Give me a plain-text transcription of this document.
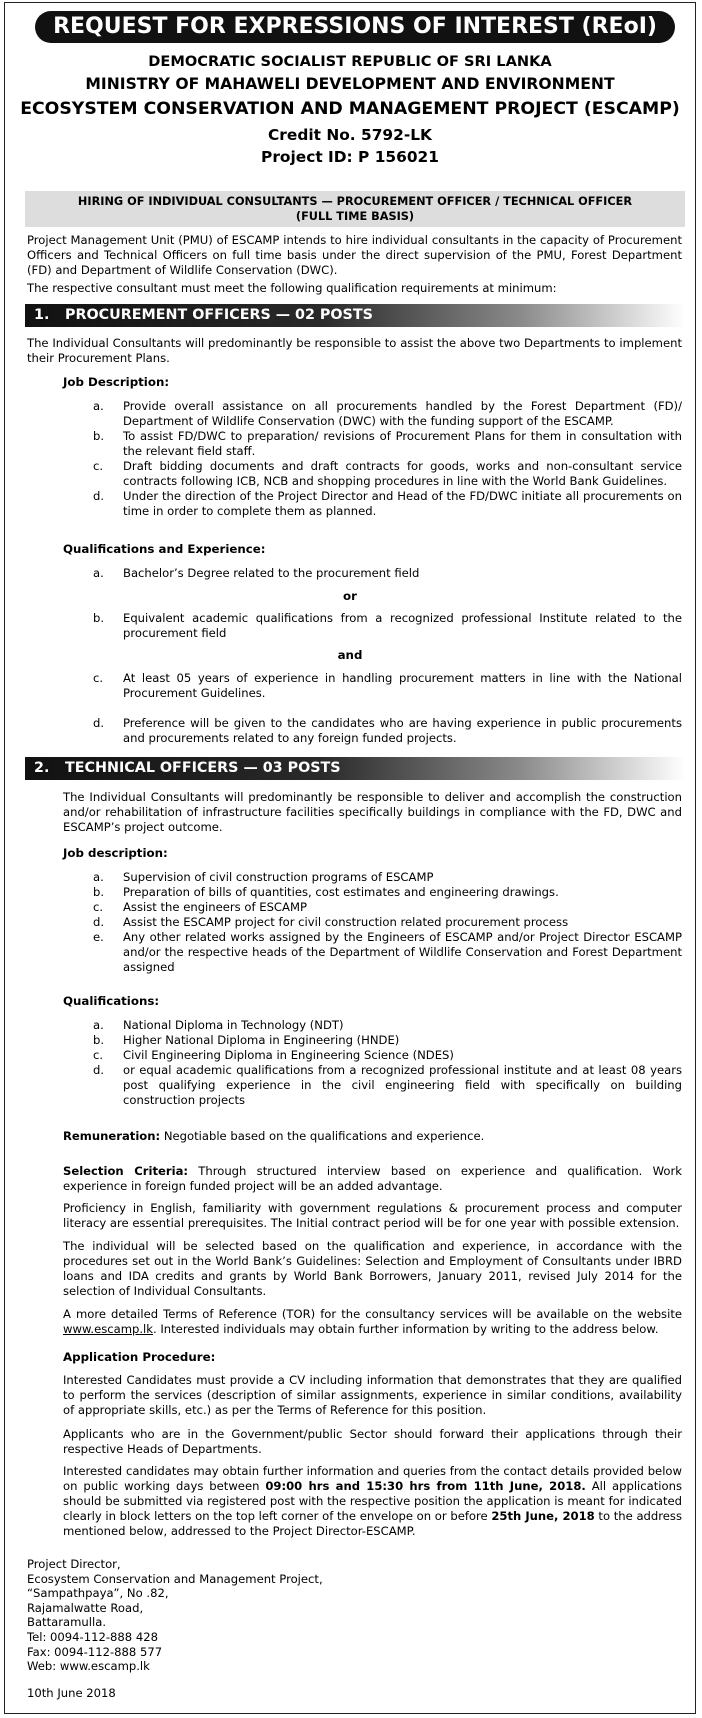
REQUEST FOR EXPRESSIONS OF INTEREST (REoI)
DEMOCRATIC SOCIALIST REPUBLIC OF SRI LANKA
MINISTRY OF MAHAWELI DEVELOPMENT AND ENVIRONMENT
ECOSYSTEM CONSERVATION AND MANAGEMENT PROJECT (ESCAMP)
Credit No. 5792-LK
Project ID: P 156021
HIRING OF INDIVIDUAL CONSULTANTS — PROCUREMENT OFFICER / TECHNICAL OFFICER
(FULL TIME BASIS)
Project Management Unit (PMU) of ESCAMP intends to hire individual consultants in the capacity of Procurement Officers and Technical Officers on full time basis under the direct supervision of the PMU, Forest Department (FD) and Department of Wildlife Conservation (DWC).
The respective consultant must meet the following qualification requirements at minimum:
1. PROCUREMENT OFFICERS — 02 POSTS
The Individual Consultants will predominantly be responsible to assist the above two Departments to implement their Procurement Plans.
Job Description:
a.	Provide overall assistance on all procurements handled by the Forest Department (FD)/ Department of Wildlife Conservation (DWC) with the funding support of the ESCAMP.
b.	To assist FD/DWC to preparation/ revisions of Procurement Plans for them in consultation with the relevant field staff.
c.	Draft bidding documents and draft contracts for goods, works and non-consultant service contracts following ICB, NCB and shopping procedures in line with the World Bank Guidelines.
d.	Under the direction of the Project Director and Head of the FD/DWC initiate all procurements on time in order to complete them as planned.
Qualifications and Experience:
a.	Bachelor’s Degree related to the procurement field
or
b.	Equivalent academic qualifications from a recognized professional Institute related to the procurement field
and
c.	At least 05 years of experience in handling procurement matters in line with the National Procurement Guidelines.
d.	Preference will be given to the candidates who are having experience in public procurements and procurements related to any foreign funded projects.
2. TECHNICAL OFFICERS — 03 POSTS
The Individual Consultants will predominantly be responsible to deliver and accomplish the construction and/or rehabilitation of infrastructure facilities specifically buildings in compliance with the FD, DWC and ESCAMP’s project outcome.
Job description:
a.	Supervision of civil construction programs of ESCAMP
b.	Preparation of bills of quantities, cost estimates and engineering drawings.
c.	Assist the engineers of ESCAMP
d.	Assist the ESCAMP project for civil construction related procurement process
e.	Any other related works assigned by the Engineers of ESCAMP and/or Project Director ESCAMP and/or the respective heads of the Department of Wildlife Conservation and Forest Department assigned
Qualifications:
a.	National Diploma in Technology (NDT)
b.	Higher National Diploma in Engineering (HNDE)
c.	Civil Engineering Diploma in Engineering Science (NDES)
d.	or equal academic qualifications from a recognized professional institute and at least 08 years post qualifying experience in the civil engineering field with specifically on building construction projects
Remuneration: Negotiable based on the qualifications and experience.
Selection Criteria: Through structured interview based on experience and qualification. Work experience in foreign funded project will be an added advantage.
Proficiency in English, familiarity with government regulations & procurement process and computer literacy are essential prerequisites. The Initial contract period will be for one year with possible extension.
The individual will be selected based on the qualification and experience, in accordance with the procedures set out in the World Bank’s Guidelines: Selection and Employment of Consultants under IBRD loans and IDA credits and grants by World Bank Borrowers, January 2011, revised July 2014 for the selection of Individual Consultants.
A more detailed Terms of Reference (TOR) for the consultancy services will be available on the website www.escamp.lk. Interested individuals may obtain further information by writing to the address below.
Application Procedure:
Interested Candidates must provide a CV including information that demonstrates that they are qualified to perform the services (description of similar assignments, experience in similar conditions, availability of appropriate skills, etc.) as per the Terms of Reference for this position.
Applicants who are in the Government/public Sector should forward their applications through their respective Heads of Departments.
Interested candidates may obtain further information and queries from the contact details provided below on public working days between 09:00 hrs and 15:30 hrs from 11th June, 2018. All applications should be submitted via registered post with the respective position the application is meant for indicated clearly in block letters on the top left corner of the envelope on or before 25th June, 2018 to the address mentioned below, addressed to the Project Director-ESCAMP.
Project Director,
Ecosystem Conservation and Management Project,
“Sampathpaya”, No .82,
Rajamalwatte Road,
Battaramulla.
Tel: 0094-112-888 428
Fax: 0094-112-888 577
Web: www.escamp.lk
10th June 2018
